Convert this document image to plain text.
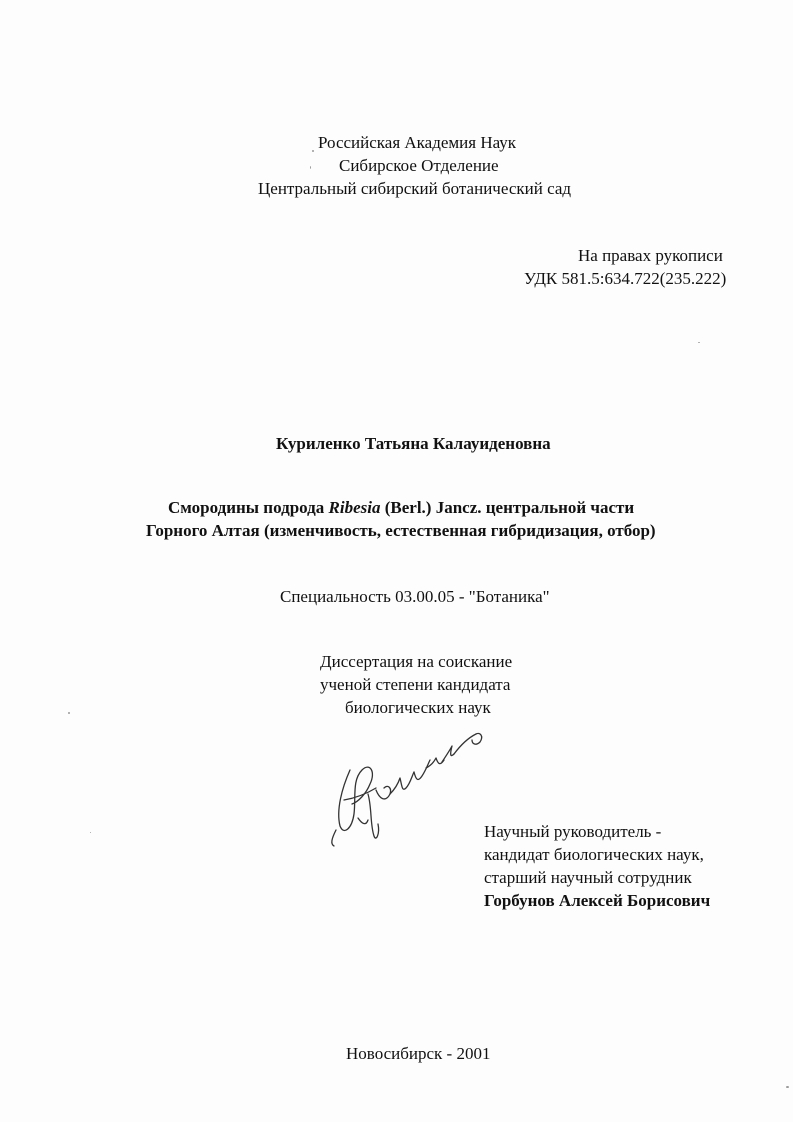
Российская Академия Наук
Сибирское Отделение
Центральный сибирский ботанический сад
На правах рукописи
УДК 581.5:634.722(235.222)
Куриленко Татьяна Калауиденовна
Смородины подрода Ribesia (Berl.) Jancz. центральной части
Горного Алтая (изменчивость, естественная гибридизация, отбор)
Специальность 03.00.05 - "Ботаника"
Диссертация на соискание
ученой степени кандидата
биологических наук
Научный руководитель -
кандидат биологических наук,
старший научный сотрудник
Горбунов Алексей Борисович
Новосибирск - 2001
